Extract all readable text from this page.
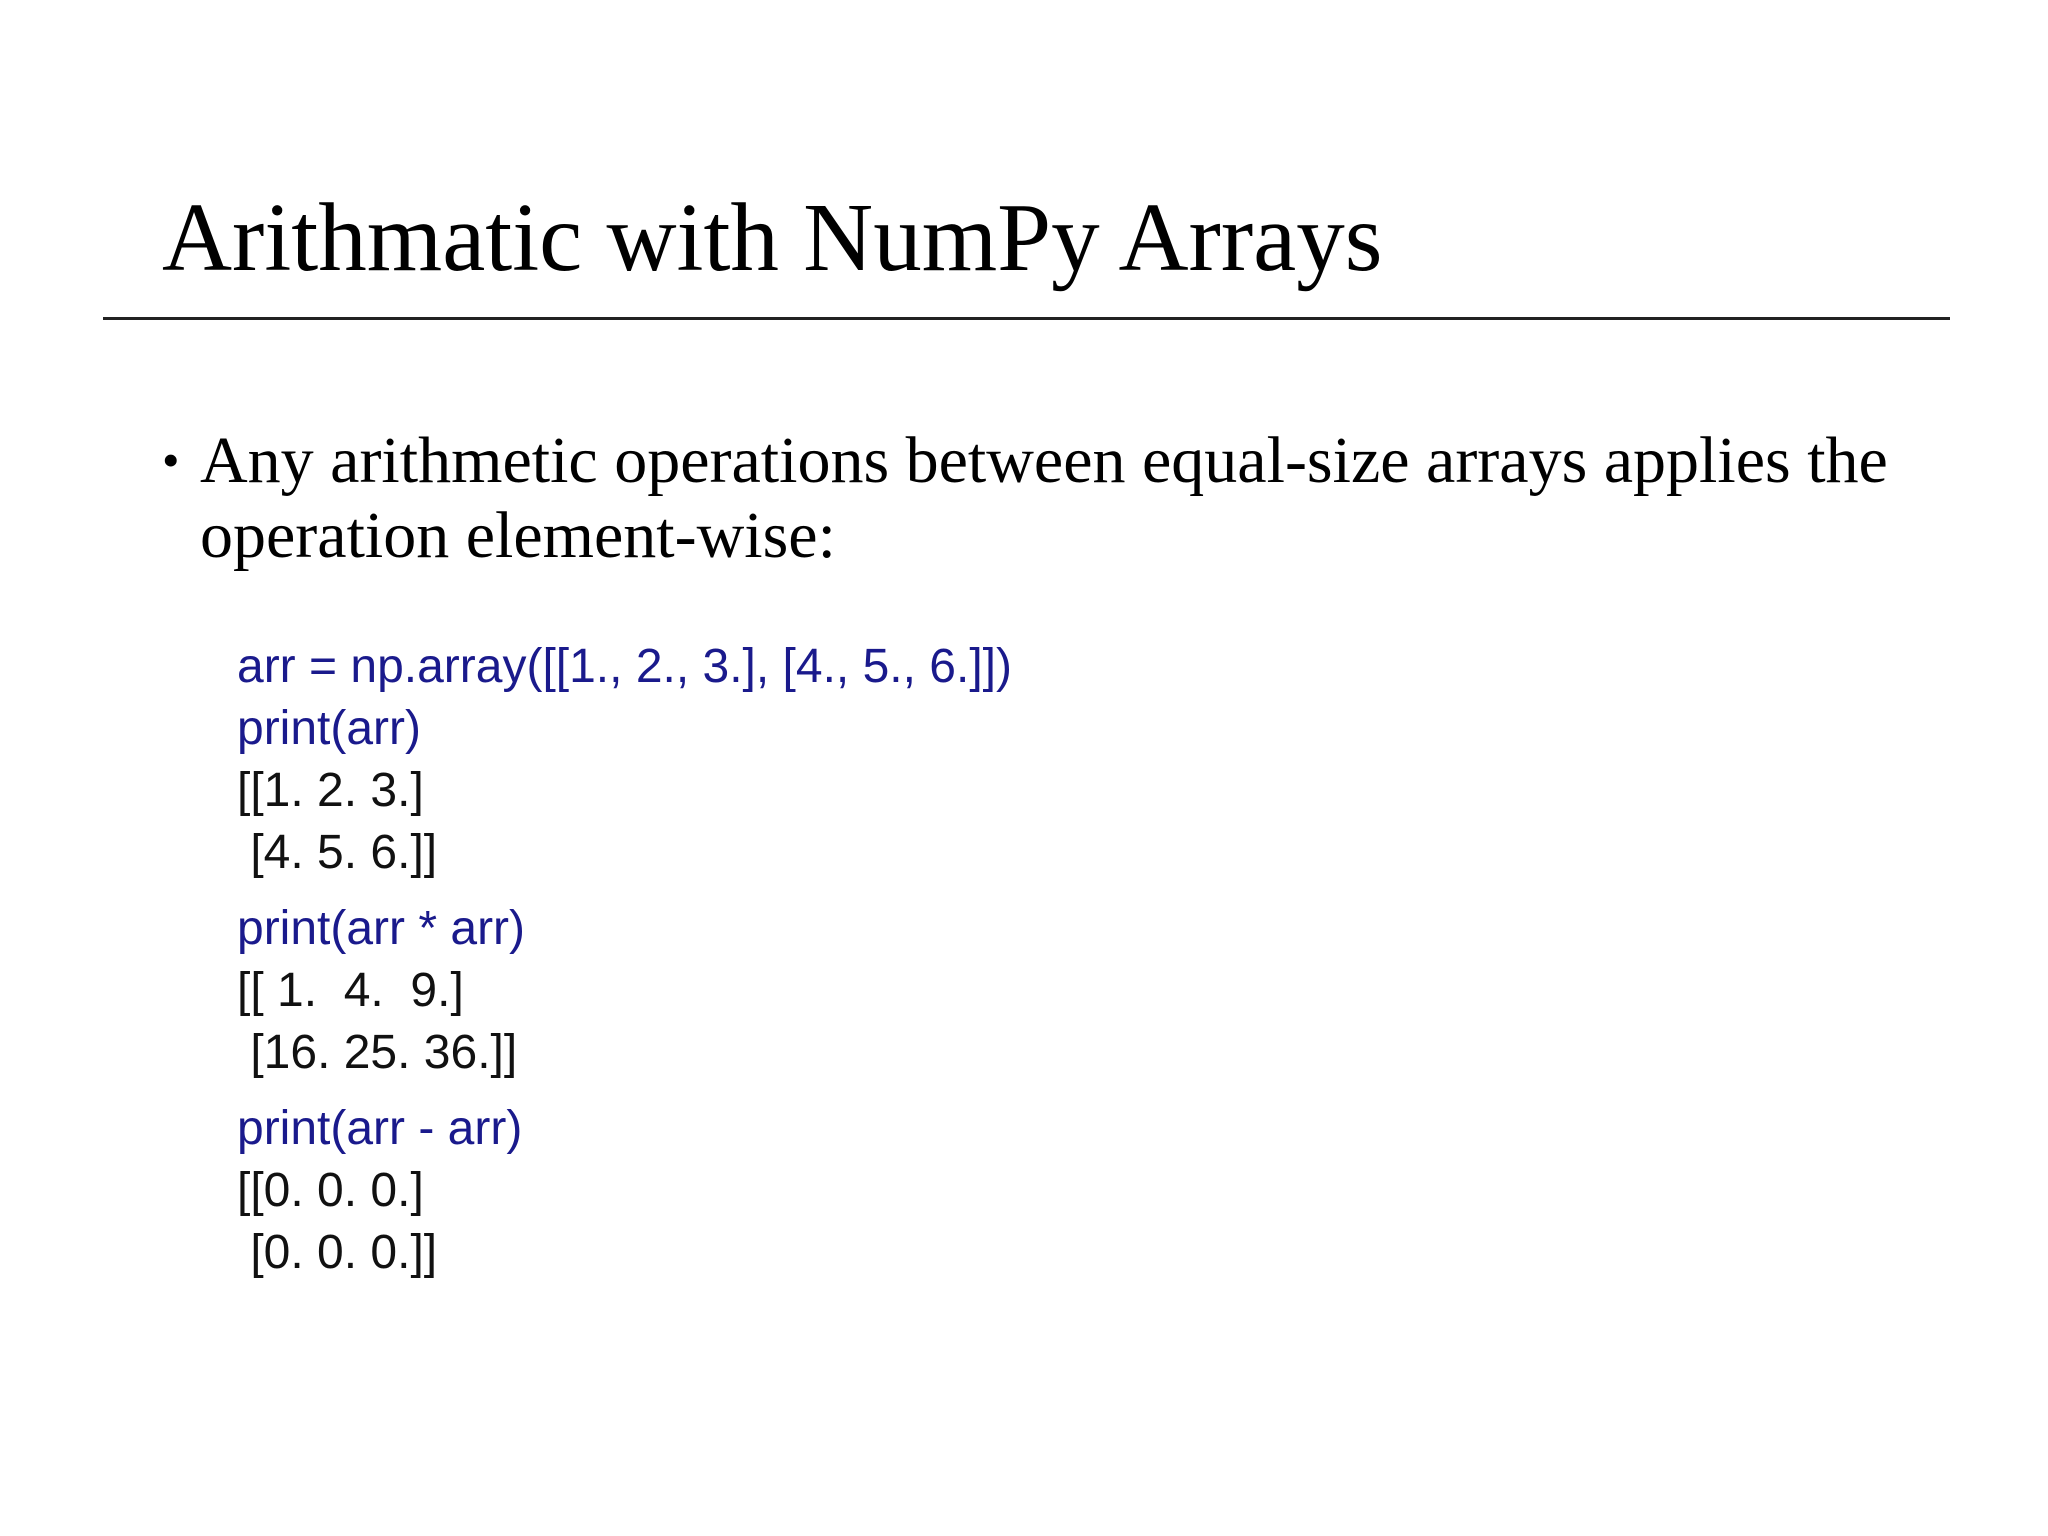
Arithmatic with NumPy Arrays
• Any arithmetic operations between equal-size arrays applies the operation element-wise:
arr = np.array([[1., 2., 3.], [4., 5., 6.]])
print(arr)
[[1. 2. 3.]
[4. 5. 6.]]
print(arr * arr)
[[ 1.  4.  9.]
[16. 25. 36.]]
print(arr - arr)
[[0. 0. 0.]
[0. 0. 0.]]
